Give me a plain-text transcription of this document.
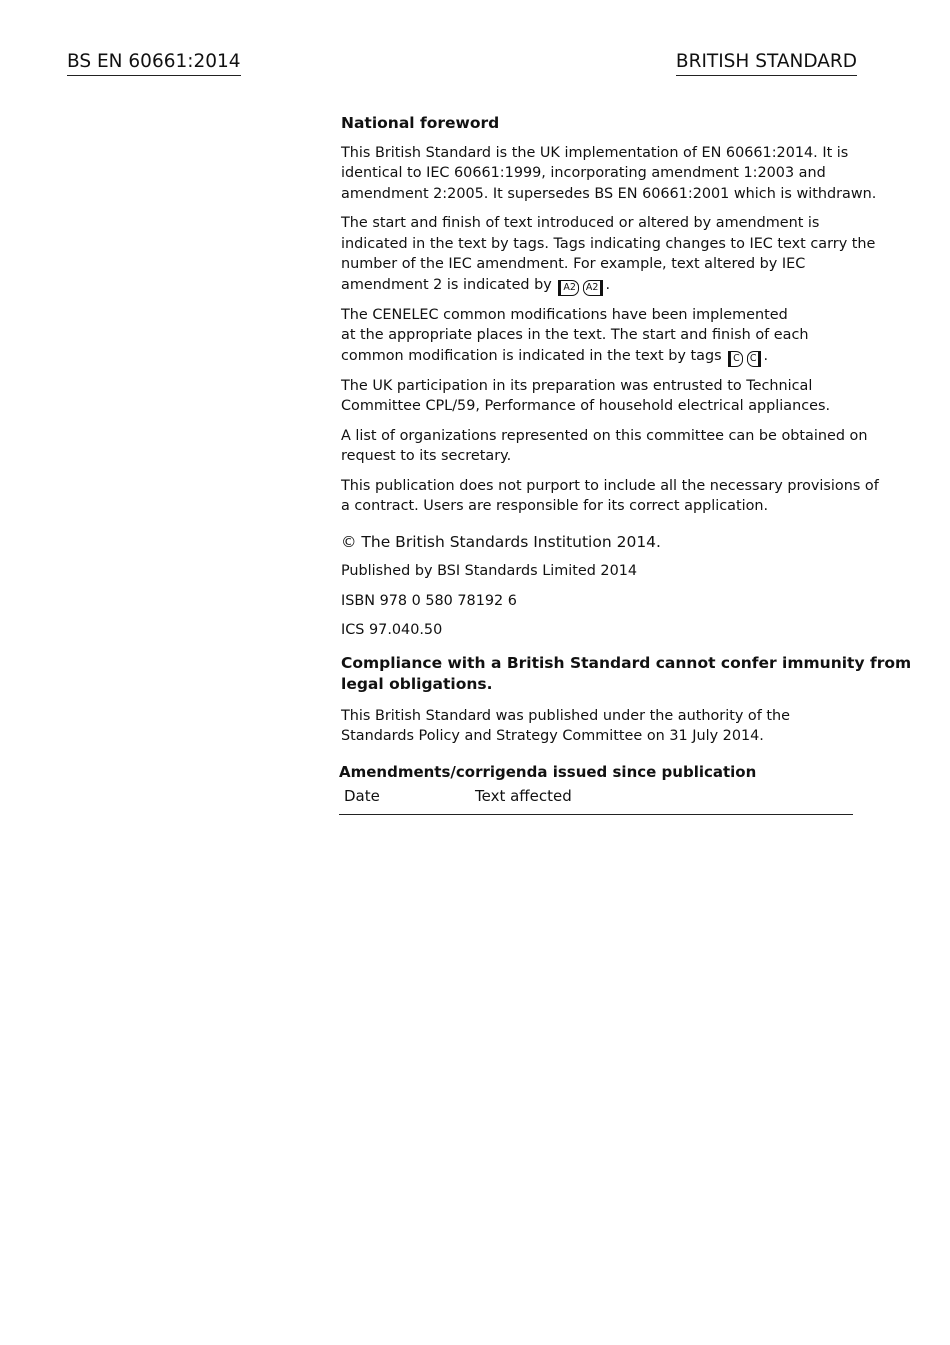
BS EN 60661:2014	BRITISH STANDARD
National foreword
This British Standard is the UK implementation of EN 60661:2014. It is
identical to IEC 60661:1999, incorporating amendment 1:2003 and
amendment 2:2005. It supersedes BS EN 60661:2001 which is withdrawn.
The start and finish of text introduced or altered by amendment is
indicated in the text by tags. Tags indicating changes to IEC text carry the
number of the IEC amendment. For example, text altered by IEC
amendment 2 is indicated by A2 A2 .
The CENELEC common modifications have been implemented
at the appropriate places in the text. The start and finish of each
common modification is indicated in the text by tags C C .
The UK participation in its preparation was entrusted to Technical
Committee CPL/59, Performance of household electrical appliances.
A list of organizations represented on this committee can be obtained on
request to its secretary.
This publication does not purport to include all the necessary provisions of
a contract. Users are responsible for its correct application.
© The British Standards Institution 2014.
Published by BSI Standards Limited 2014
ISBN 978 0 580 78192 6
ICS 97.040.50
Compliance with a British Standard cannot confer immunity from
legal obligations.
This British Standard was published under the authority of the
Standards Policy and Strategy Committee on 31 July 2014.
Amendments/corrigenda issued since publication
Date	Text affected
